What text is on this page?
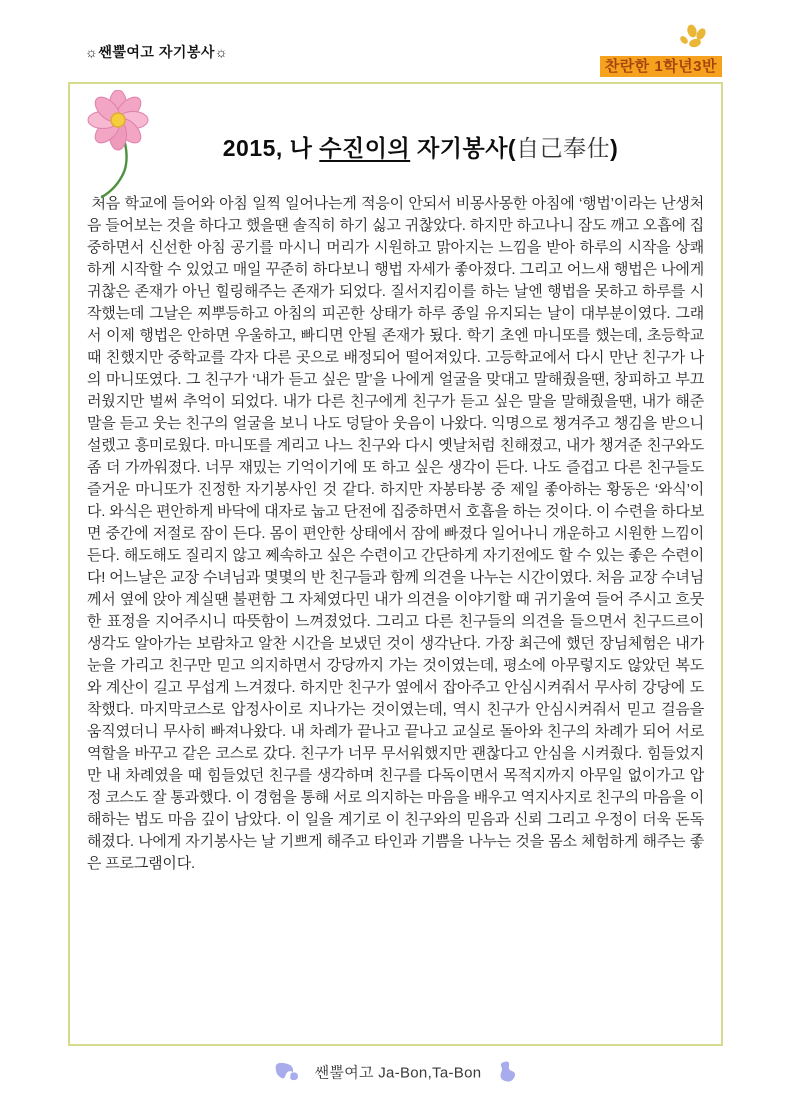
☼쌘뿔여고 자기봉사☼
찬란한 1학년3반
2015, 나 수진이의 자기봉사(自己奉仕)

처음 학교에 들어와 아침 일찍 일어나는게 적응이 안되서 비몽사몽한 아침에 ‘행법’이라는 난생처음 들어보는 것을 하다고 했을땐 솔직히 하기 싫고 귀찮았다. 하지만 하고나니 잠도 깨고 오흡에 집중하면서 신선한 아침 공기를 마시니 머리가 시원하고 맑아지는 느낌을 받아 하루의 시작을 상쾌하게 시작할 수 있었고 매일 꾸준히 하다보니 행법 자세가 좋아졌다. 그리고 어느새 행법은 나에게 귀찮은 존재가 아닌 힐링해주는 존재가 되었다. 질서지킴이를 하는 날엔 행법을 못하고 하루를 시작했는데 그날은 찌뿌등하고 아침의 피곤한 상태가 하루 종일 유지되는 날이 대부분이였다. 그래서 이제 행법은 안하면 우울하고, 빠디면 안될 존재가 됬다. 학기 초엔 마니또를 했는데, 초등학교때 친했지만 중학교를 각자 다른 곳으로 배정되어 떨어져있다. 고등학교에서 다시 만난 친구가 나의 마니또였다. 그 친구가 ‘내가 듣고 싶은 말’을 나에게 얼굴을 맞대고 말해줬을땐, 창피하고 부끄러웠지만 벌써 추억이 되었다. 내가 다른 친구에게 친구가 듣고 싶은 말을 말해줬을땐, 내가 해준 말을 듣고 웃는 친구의 얼굴을 보니 나도 덩달아 웃음이 나왔다. 익명으로 챙겨주고 챙김을 받으니 설렜고 흥미로웠다. 마니또를 계리고 나느 친구와 다시 옛날처럼 친해졌고, 내가 챙겨준 친구와도 좀 더 가까워졌다. 너무 재밌는 기억이기에 또 하고 싶은 생각이 든다. 나도 즐겁고 다른 친구들도 즐거운 마니또가 진정한 자기봉사인 것 같다. 하지만 자봉타봉 중 제일 좋아하는 황동은 ‘와식’이다. 와식은 편안하게 바닥에 대자로 눕고 단전에 집중하면서 호흡을 하는 것이다. 이 수련을 하다보면 중간에 저절로 잠이 든다. 몸이 편안한 상태에서 잠에 빠졌다 일어나니 개운하고 시원한 느낌이 든다. 해도해도 질리지 않고 쩨속하고 싶은 수련이고 간단하게 자기전에도 할 수 있는 좋은 수련이다! 어느날은 교장 수녀님과 몇몇의 반 친구들과 함께 의견을 나누는 시간이였다. 처음 교장 수녀님께서 옆에 앉아 계실땐 불편함 그 자체였다민 내가 의견을 이야기할 때 귀기울여 들어 주시고 흐뭇한 표정을 지어주시니 따뜻함이 느껴졌었다. 그리고 다른 친구들의 의견을 들으면서 친구드르이 생각도 알아가는 보람차고 알찬 시간을 보냈던 것이 생각난다. 가장 최근에 했던 장님체험은 내가 눈을 가리고 친구만 믿고 의지하면서 강당까지 가는 것이였는데, 평소에 아무렇지도 않았던 복도와 계산이 길고 무섭게 느겨졌다. 하지만 친구가 옆에서 잡아주고 안심시켜줘서 무사히 강당에 도착했다. 마지막코스로 압정사이로 지나가는 것이였는데, 역시 친구가 안심시켜줘서 믿고 걸음을 움직였더니 무사히 빠져나왔다. 내 차례가 끝나고 끝나고 교실로 돌아와 친구의 차례가 되어 서로 역할을 바꾸고 같은 코스로 갔다. 친구가 너무 무서워했지만 괜찮다고 안심을 시켜줬다. 힘들었지만 내 차례였을 때 힘들었던 친구를 생각하며 친구를 다독이면서 목적지까지 아무일 없이가고 압정 코스도 잘 통과했다. 이 경험을 통해 서로 의지하는 마음을 배우고 역지사지로 친구의 마음을 이해하는 법도 마음 깊이 남았다. 이 일을 계기로 이 친구와의 믿음과 신뢰 그리고 우정이 더욱 돈독해졌다. 나에게 자기봉사는 날 기쁘게 해주고 타인과 기쁨을 나누는 것을 몸소 체험하게 해주는 좋은 프로그램이다.

쌘뿔여고 Ja-Bon,Ta-Bon
